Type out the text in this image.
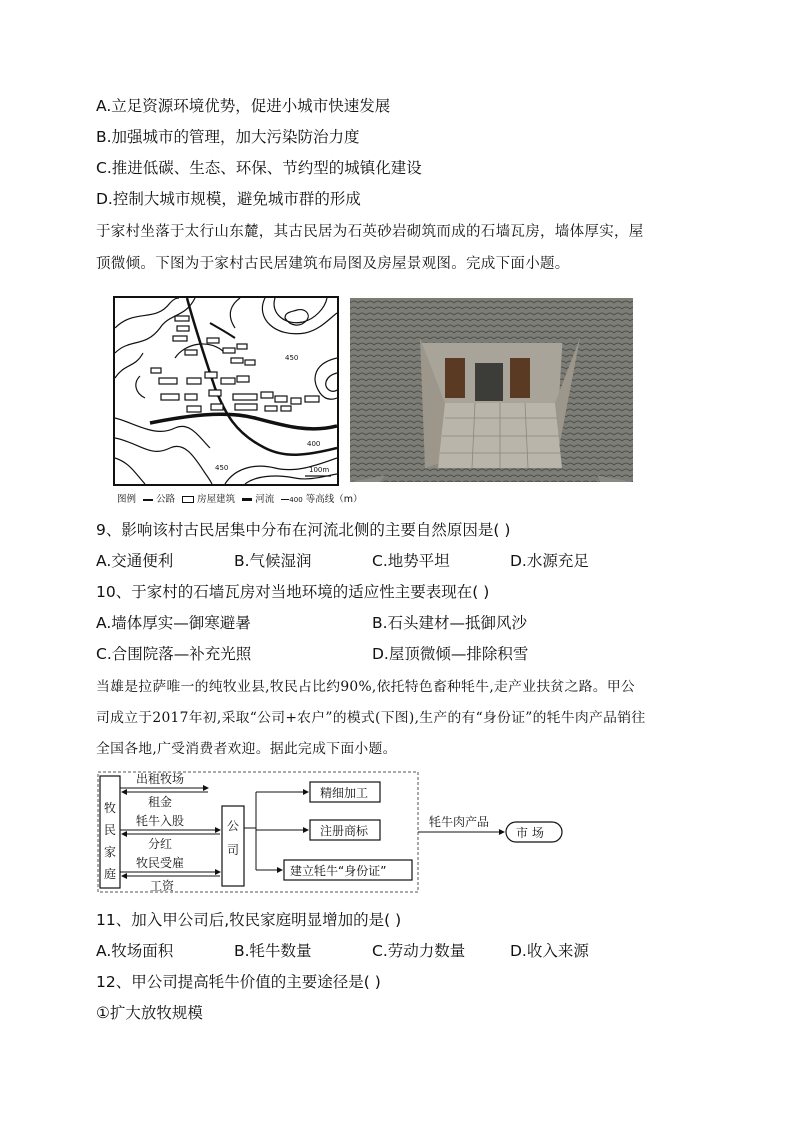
A.立足资源环境优势，促进小城市快速发展
B.加强城市的管理，加大污染防治力度
C.推进低碳、生态、环保、节约型的城镇化建设
D.控制大城市规模，避免城市群的形成
于家村坐落于太行山东麓，其古民居为石英砂岩砌筑而成的石墙瓦房，墙体厚实，屋
顶微倾。下图为于家村古民居建筑布局图及房屋景观图。完成下面小题。
450
400
450	100m
图例 公路 房屋建筑 河流 400 等高线（m）
9、影响该村古民居集中分布在河流北侧的主要自然原因是( )
A.交通便利	B.气候湿润	C.地势平坦	D.水源充足
10、于家村的石墙瓦房对当地环境的适应性主要表现在( )
A.墙体厚实—御寒避暑	B.石头建材—抵御风沙
C.合围院落—补充光照	D.屋顶微倾—排除积雪
当雄是拉萨唯一的纯牧业县,牧民占比约90%,依托特色畜种牦牛,走产业扶贫之路。甲公
司成立于2017年初,采取“公司+农户”的模式(下图),生产的有“身份证”的牦牛肉产品销往
全国各地,广受消费者欢迎。据此完成下面小题。
牧
民
家
庭
公
司
出租牧场
租金
牦牛入股
分红
牧民受雇
工资
精细加工
注册商标
建立牦牛“身份证”
牦牛肉产品
市 场
11、加入甲公司后,牧民家庭明显增加的是( )
A.牧场面积	B.牦牛数量	C.劳动力数量	D.收入来源
12、甲公司提高牦牛价值的主要途径是( )
①扩大放牧规模
